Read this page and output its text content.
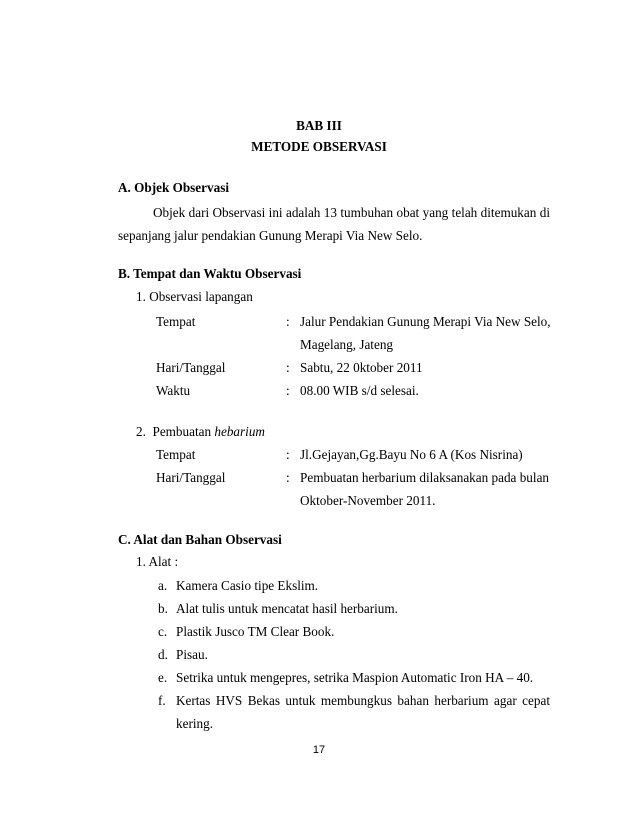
BAB III
METODE OBSERVASI
A. Objek Observasi
Objek dari Observasi ini adalah 13 tumbuhan obat yang telah ditemukan di
sepanjang jalur pendakian Gunung Merapi Via New Selo.
B. Tempat dan Waktu Observasi
1. Observasi lapangan
Tempat	: Jalur Pendakian Gunung Merapi Via New Selo,
Magelang, Jateng
Hari/Tanggal	: Sabtu, 22 0ktober 2011
Waktu	: 08.00 WIB s/d selesai.
2.  Pembuatan hebarium
Tempat	: Jl.Gejayan,Gg.Bayu No 6 A (Kos Nisrina)
Hari/Tanggal	: Pembuatan herbarium dilaksanakan pada bulan
Oktober-November 2011.
C. Alat dan Bahan Observasi
1. Alat :
a. Kamera Casio tipe Ekslim.
b. Alat tulis untuk mencatat hasil herbarium.
c. Plastik Jusco TM Clear Book.
d. Pisau.
e. Setrika untuk mengepres, setrika Maspion Automatic Iron HA – 40.
f. Kertas HVS Bekas untuk membungkus bahan herbarium agar cepat
kering.
17
